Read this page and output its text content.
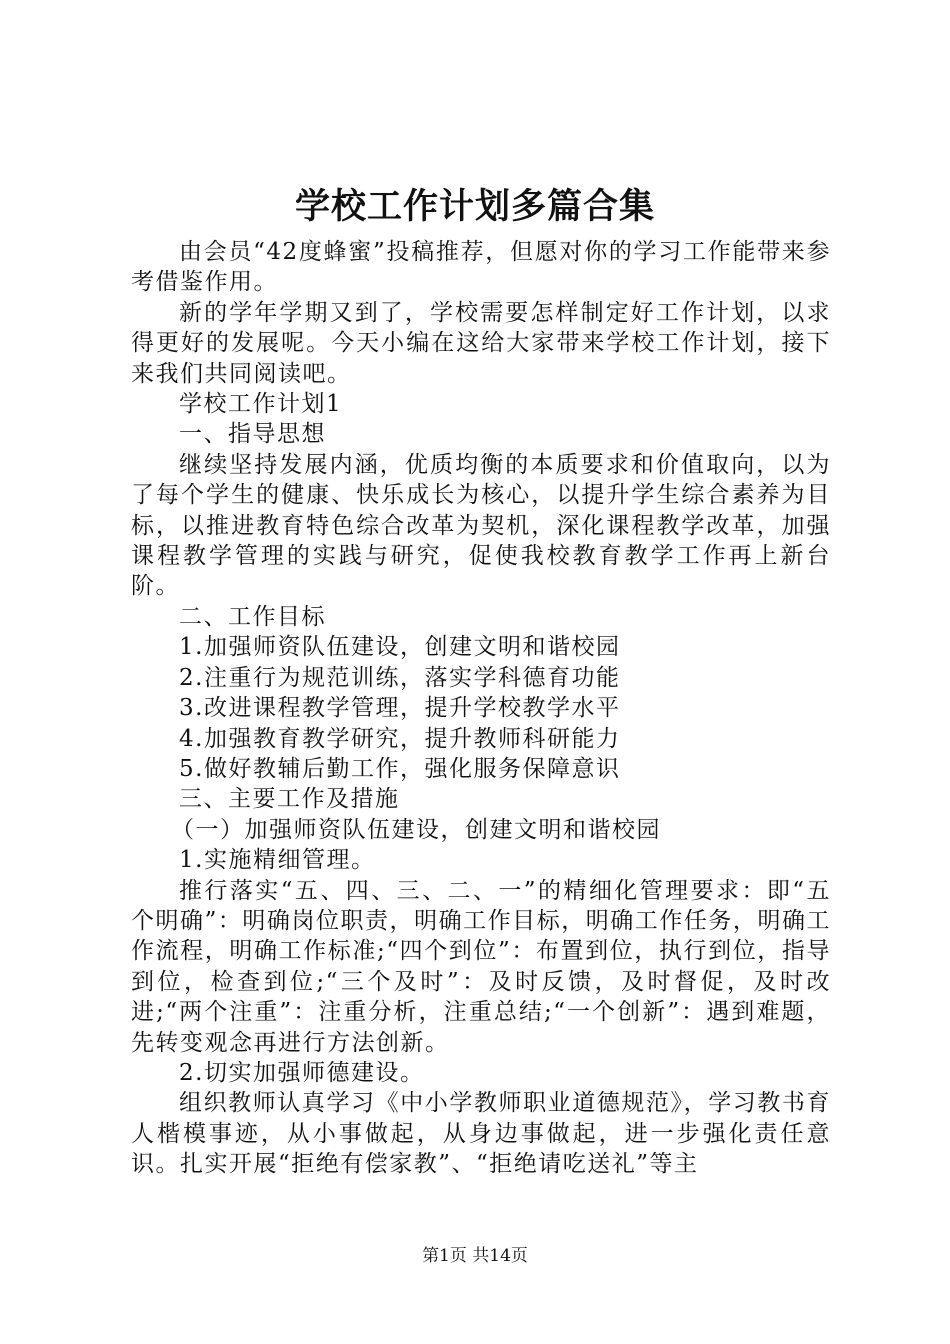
学校工作计划多篇合集

由会员“42度蜂蜜”投稿推荐，但愿对你的学习工作能带来参考借鉴作用。

新的学年学期又到了，学校需要怎样制定好工作计划，以求得更好的发展呢。今天小编在这给大家带来学校工作计划，接下来我们共同阅读吧。

学校工作计划1

一、指导思想

继续坚持发展内涵，优质均衡的本质要求和价值取向，以为了每个学生的健康、快乐成长为核心，以提升学生综合素养为目标，以推进教育特色综合改革为契机，深化课程教学改革，加强课程教学管理的实践与研究，促使我校教育教学工作再上新台阶。

二、工作目标

1.加强师资队伍建设，创建文明和谐校园

2.注重行为规范训练，落实学科德育功能

3.改进课程教学管理，提升学校教学水平

4.加强教育教学研究，提升教师科研能力

5.做好教辅后勤工作，强化服务保障意识

三、主要工作及措施

（一）加强师资队伍建设，创建文明和谐校园

1.实施精细管理。

推行落实“五、四、三、二、一”的精细化管理要求：即“五个明确”：明确岗位职责，明确工作目标，明确工作任务，明确工作流程，明确工作标准;“四个到位”：布置到位，执行到位，指导到位，检查到位;“三个及时”：及时反馈，及时督促，及时改进;“两个注重”：注重分析，注重总结;“一个创新”：遇到难题，先转变观念再进行方法创新。

2.切实加强师德建设。

组织教师认真学习《中小学教师职业道德规范》，学习教书育人楷模事迹，从小事做起，从身边事做起，进一步强化责任意识。扎实开展“拒绝有偿家教”、“拒绝请吃送礼”等主

第1页 共14页
